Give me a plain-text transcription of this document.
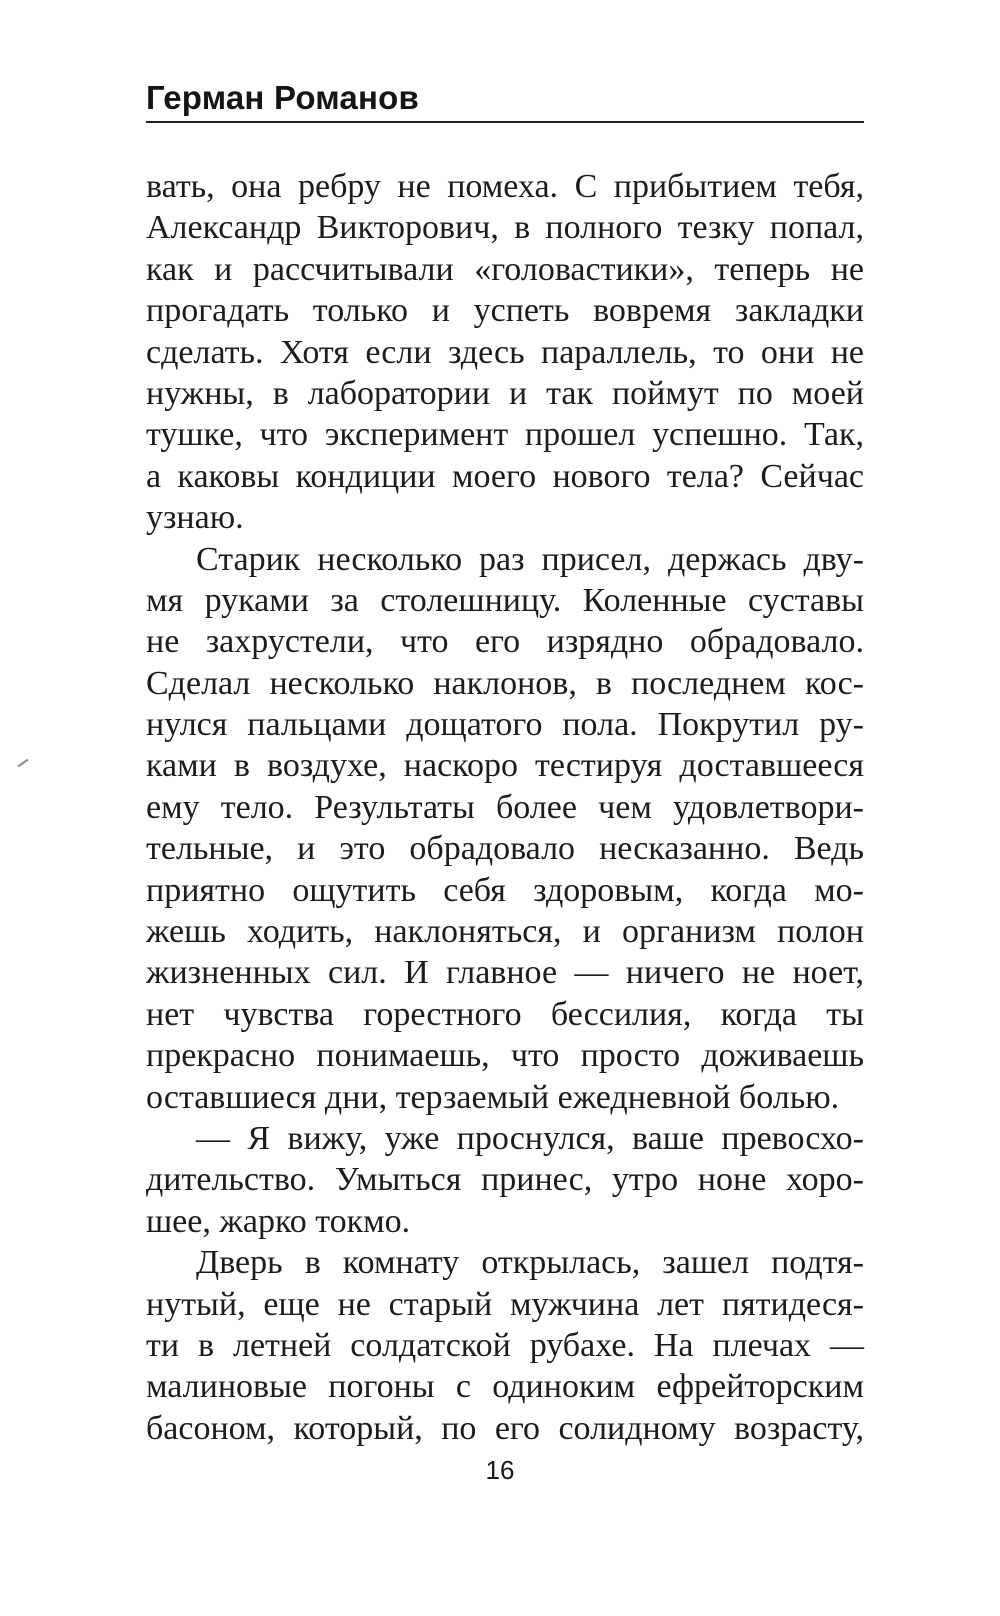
Герман Романов
вать, она ребру не помеха. С прибытием тебя,
Александр Викторович, в полного тезку попал,
как и рассчитывали «головастики», теперь не
прогадать только и успеть вовремя закладки
сделать. Хотя если здесь параллель, то они не
нужны, в лаборатории и так поймут по моей
тушке, что эксперимент прошел успешно. Так,
а каковы кондиции моего нового тела? Сейчас
узнаю.
Старик несколько раз присел, держась дву-
мя руками за столешницу. Коленные суставы
не захрустели, что его изрядно обрадовало.
Сделал несколько наклонов, в последнем кос-
нулся пальцами дощатого пола. Покрутил ру-
ками в воздухе, наскоро тестируя доставшееся
ему тело. Результаты более чем удовлетвори-
тельные, и это обрадовало несказанно. Ведь
приятно ощутить себя здоровым, когда мо-
жешь ходить, наклоняться, и организм полон
жизненных сил. И главное — ничего не ноет,
нет чувства горестного бессилия, когда ты
прекрасно понимаешь, что просто доживаешь
оставшиеся дни, терзаемый ежедневной болью.
— Я вижу, уже проснулся, ваше превосхо-
дительство. Умыться принес, утро ноне хоро-
шее, жарко токмо.
Дверь в комнату открылась, зашел подтя-
нутый, еще не старый мужчина лет пятидеся-
ти в летней солдатской рубахе. На плечах —
малиновые погоны с одиноким ефрейторским
басоном, который, по его солидному возрасту,
16
